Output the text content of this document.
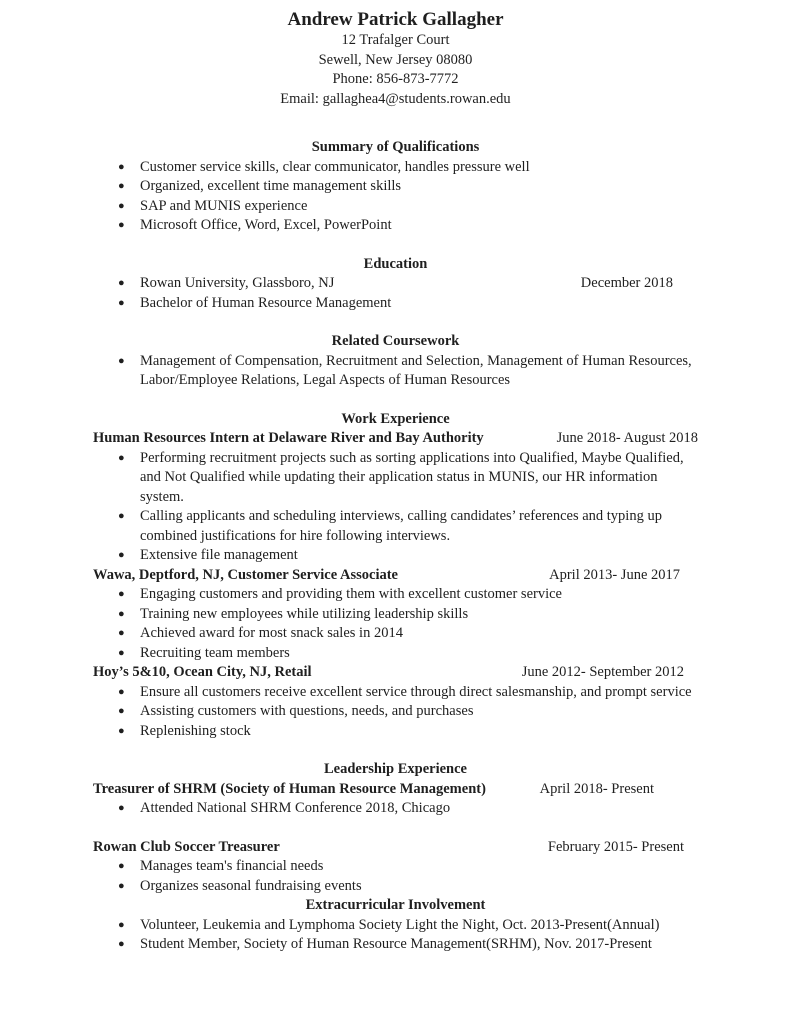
Andrew Patrick Gallagher
12 Trafalger Court
Sewell, New Jersey 08080
Phone: 856-873-7772
Email: gallaghea4@students.rowan.edu
Summary of Qualifications
● Customer service skills, clear communicator, handles pressure well
● Organized, excellent time management skills
● SAP and MUNIS experience
● Microsoft Office, Word, Excel, PowerPoint
Education
● Rowan University, Glassboro, NJ	December 2018
● Bachelor of Human Resource Management
Related Coursework
● Management of Compensation, Recruitment and Selection, Management of Human Resources, Labor/Employee Relations, Legal Aspects of Human Resources
Work Experience
Human Resources Intern at Delaware River and Bay Authority	June 2018- August 2018
● Performing recruitment projects such as sorting applications into Qualified, Maybe Qualified, and Not Qualified while updating their application status in MUNIS, our HR information system.
● Calling applicants and scheduling interviews, calling candidates’ references and typing up combined justifications for hire following interviews.
● Extensive file management
Wawa, Deptford, NJ, Customer Service Associate	April 2013- June 2017
● Engaging customers and providing them with excellent customer service
● Training new employees while utilizing leadership skills
● Achieved award for most snack sales in 2014
● Recruiting team members
Hoy’s 5&10, Ocean City, NJ, Retail	June 2012- September 2012
● Ensure all customers receive excellent service through direct salesmanship, and prompt service
● Assisting customers with questions, needs, and purchases
● Replenishing stock
Leadership Experience
Treasurer of SHRM (Society of Human Resource Management)	April 2018- Present
● Attended National SHRM Conference 2018, Chicago
Rowan Club Soccer Treasurer	February 2015- Present
● Manages team's financial needs
● Organizes seasonal fundraising events
Extracurricular Involvement
● Volunteer, Leukemia and Lymphoma Society Light the Night, Oct. 2013-Present(Annual)
● Student Member, Society of Human Resource Management(SRHM), Nov. 2017-Present
